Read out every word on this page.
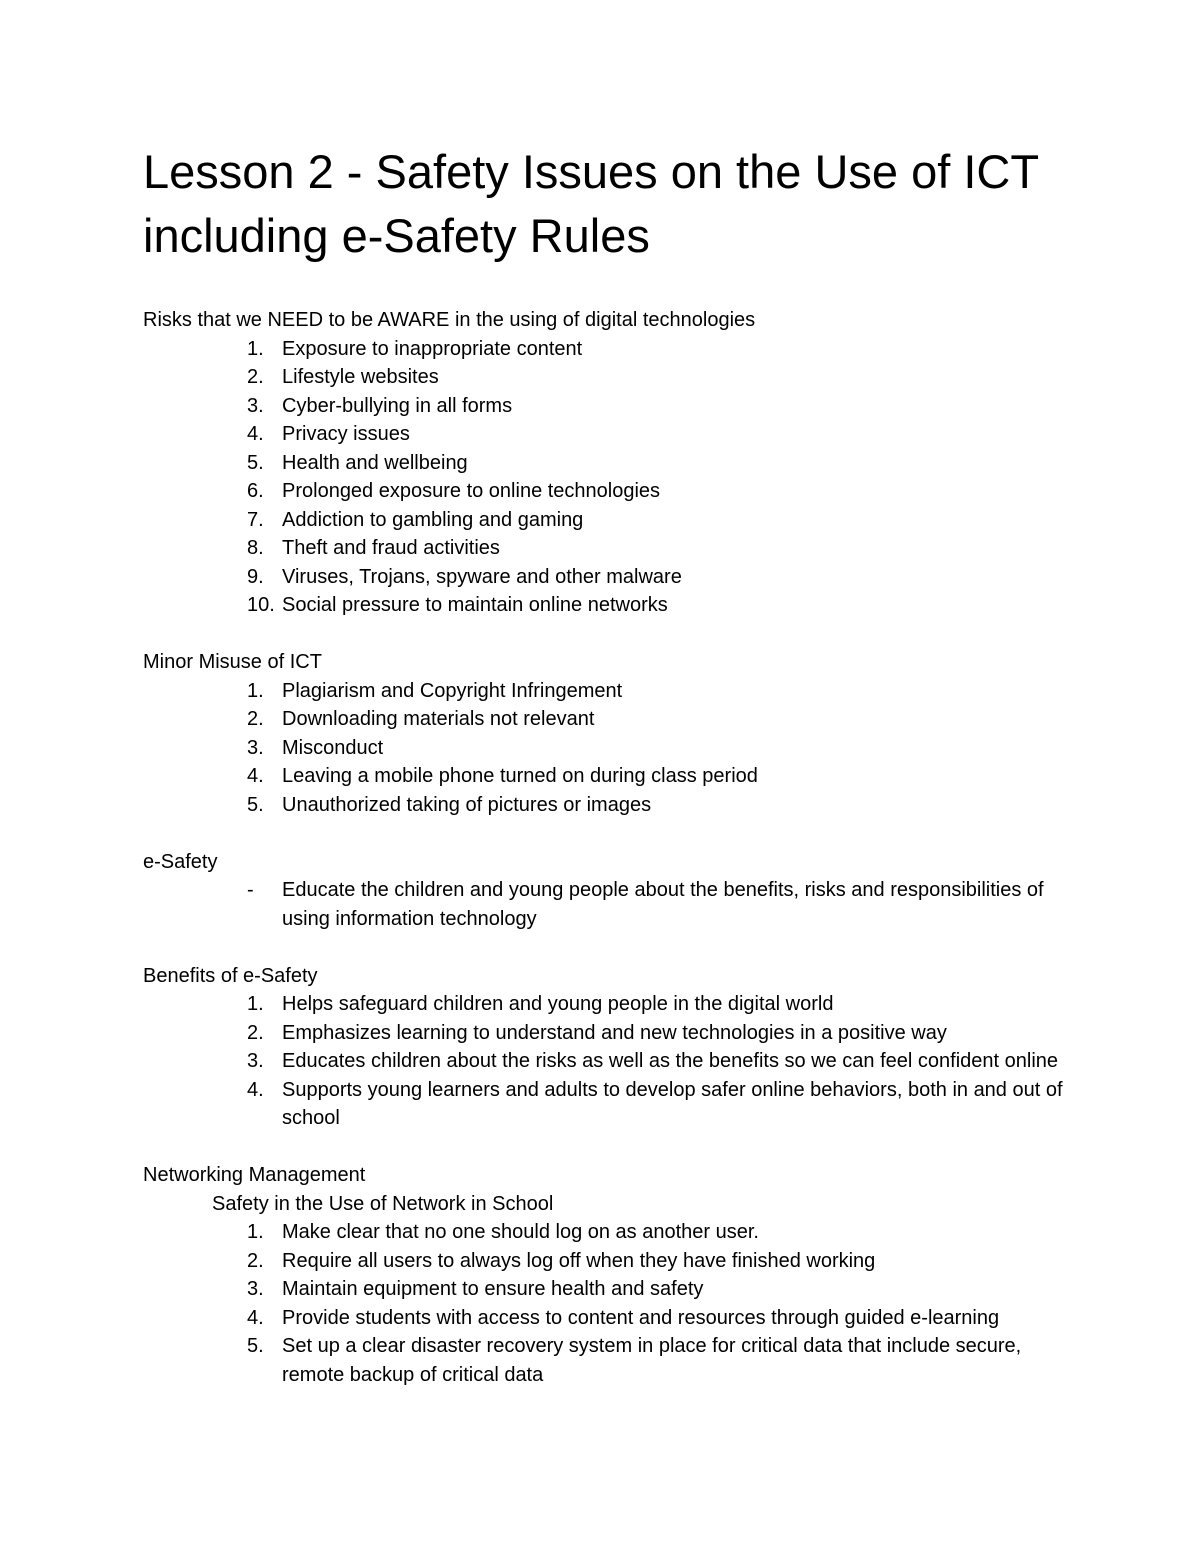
Lesson 2 - Safety Issues on the Use of ICT including e-Safety Rules

Risks that we NEED to be AWARE in the using of digital technologies

1. Exposure to inappropriate content
2. Lifestyle websites
3. Cyber-bullying in all forms
4. Privacy issues
5. Health and wellbeing
6. Prolonged exposure to online technologies
7. Addiction to gambling and gaming
8. Theft and fraud activities
9. Viruses, Trojans, spyware and other malware
10. Social pressure to maintain online networks

Minor Misuse of ICT

1. Plagiarism and Copyright Infringement
2. Downloading materials not relevant
3. Misconduct
4. Leaving a mobile phone turned on during class period
5. Unauthorized taking of pictures or images

e-Safety

-	Educate the children and young people about the benefits, risks and responsibilities of using information technology

Benefits of e-Safety

1. Helps safeguard children and young people in the digital world
2. Emphasizes learning to understand and new technologies in a positive way
3. Educates children about the risks as well as the benefits so we can feel confident online
4. Supports young learners and adults to develop safer online behaviors, both in and out of school

Networking Management

Safety in the Use of Network in School

1. Make clear that no one should log on as another user.
2. Require all users to always log off when they have finished working
3. Maintain equipment to ensure health and safety
4. Provide students with access to content and resources through guided e-learning
5. Set up a clear disaster recovery system in place for critical data that include secure, remote backup of critical data
